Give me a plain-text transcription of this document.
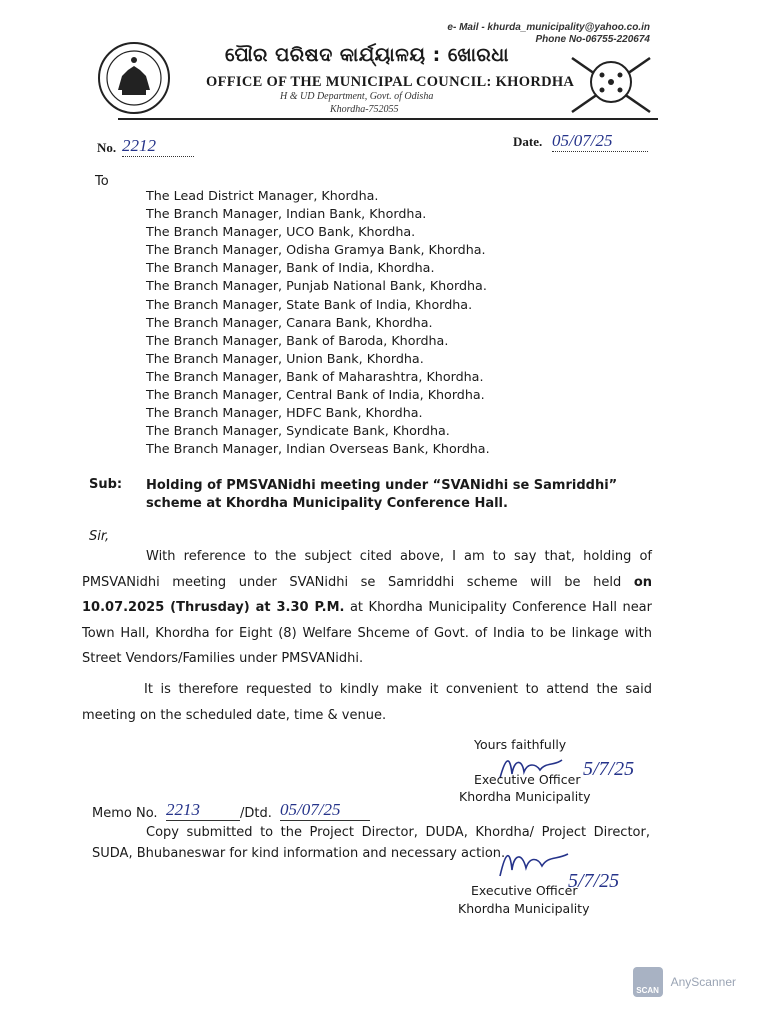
e- Mail - khurda_municipality@yahoo.co.in
Phone No-06755-220674
ପୌର ପରିଷଦ କାର୍ଯ୍ୟାଳୟ : ଖୋରଧା
OFFICE OF THE MUNICIPAL COUNCIL: KHORDHA
H & UD Department, Govt. of Odisha
Khordha-752055
No. 2212	Date. 05/07/25
To
The Lead District Manager, Khordha.
The Branch Manager, Indian Bank, Khordha.
The Branch Manager, UCO Bank, Khordha.
The Branch Manager, Odisha Gramya Bank, Khordha.
The Branch Manager, Bank of India, Khordha.
The Branch Manager, Punjab National Bank, Khordha.
The Branch Manager, State Bank of India, Khordha.
The Branch Manager, Canara Bank, Khordha.
The Branch Manager, Bank of Baroda, Khordha.
The Branch Manager, Union Bank, Khordha.
The Branch Manager, Bank of Maharashtra, Khordha.
The Branch Manager, Central Bank of India, Khordha.
The Branch Manager, HDFC Bank, Khordha.
The Branch Manager, Syndicate Bank, Khordha.
The Branch Manager, Indian Overseas Bank, Khordha.
Sub: Holding of PMSVANidhi meeting under “SVANidhi se Samriddhi” scheme at Khordha Municipality Conference Hall.
Sir,
With reference to the subject cited above, I am to say that, holding of PMSVANidhi meeting under SVANidhi se Samriddhi scheme will be held on 10.07.2025 (Thrusday) at 3.30 P.M. at Khordha Municipality Conference Hall near Town Hall, Khordha for Eight (8) Welfare Shceme of Govt. of India to be linkage with Street Vendors/Families under PMSVANidhi.
It is therefore requested to kindly make it convenient to attend the said meeting on the scheduled date, time & venue.
Yours faithfully
5/7/25
Executive Officer
Khordha Municipality
Memo No. 2213	/Dtd. 05/07/25
Copy submitted to the Project Director, DUDA, Khordha/ Project Director, SUDA, Bhubaneswar for kind information and necessary action.
5/7/25
Executive Officer
Khordha Municipality
SCAN
AnyScanner
